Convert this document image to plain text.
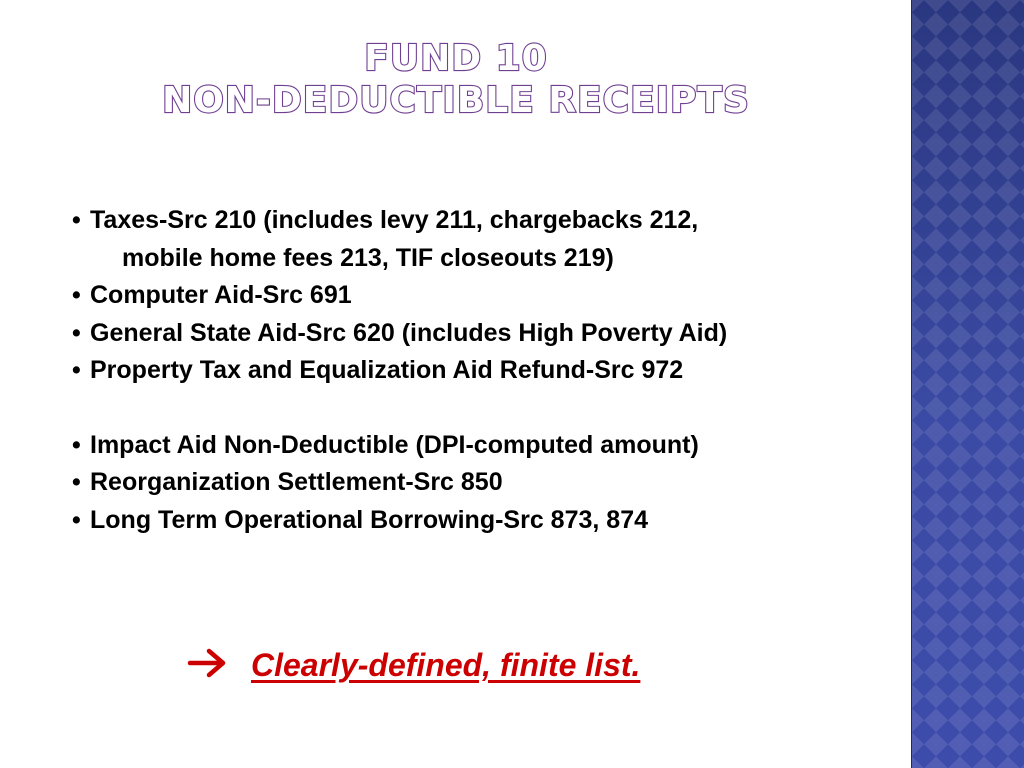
FUND 10
NON-DEDUCTIBLE RECEIPTS
• Taxes-Src 210 (includes levy 211, chargebacks 212,
mobile home fees 213, TIF closeouts 219)
• Computer Aid-Src 691
• General State Aid-Src 620 (includes High Poverty Aid)
• Property Tax and Equalization Aid Refund-Src 972
• Impact Aid Non-Deductible (DPI-computed amount)
• Reorganization Settlement-Src 850
• Long Term Operational Borrowing-Src 873, 874
Clearly-defined, finite list.
